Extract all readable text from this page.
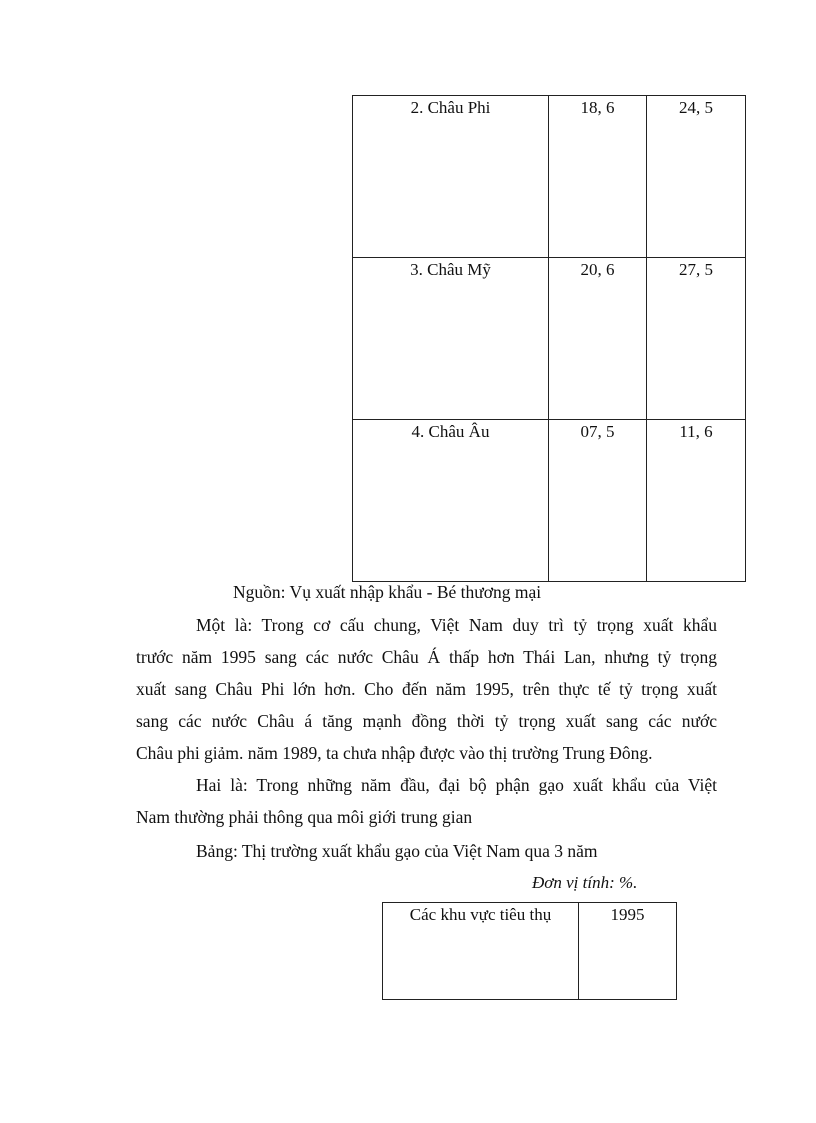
2. Châu Phi	18, 6	24, 5
3. Châu Mỹ	20, 6	27, 5
4. Châu Âu	07, 5	11, 6
Nguồn: Vụ xuất nhập khẩu - Bé thương mại
Một là: Trong cơ cấu chung, Việt Nam duy trì tỷ trọng xuất khẩu
trước năm 1995 sang các nước Châu Á thấp hơn Thái Lan, nhưng tỷ trọng
xuất sang Châu Phi lớn hơn. Cho đến năm 1995, trên thực tế tỷ trọng xuất
sang các nước Châu á tăng mạnh đồng thời tỷ trọng xuất sang các nước
Châu phi giảm. năm 1989, ta chưa nhập được vào thị trường Trung Đông.
Hai là: Trong những năm đầu, đại bộ phận gạo xuất khẩu của Việt
Nam thường phải thông qua môi giới trung gian
Bảng: Thị trường xuất khẩu gạo của Việt Nam qua 3 năm
Đơn vị tính: %.
Các khu vực tiêu thụ	1995
